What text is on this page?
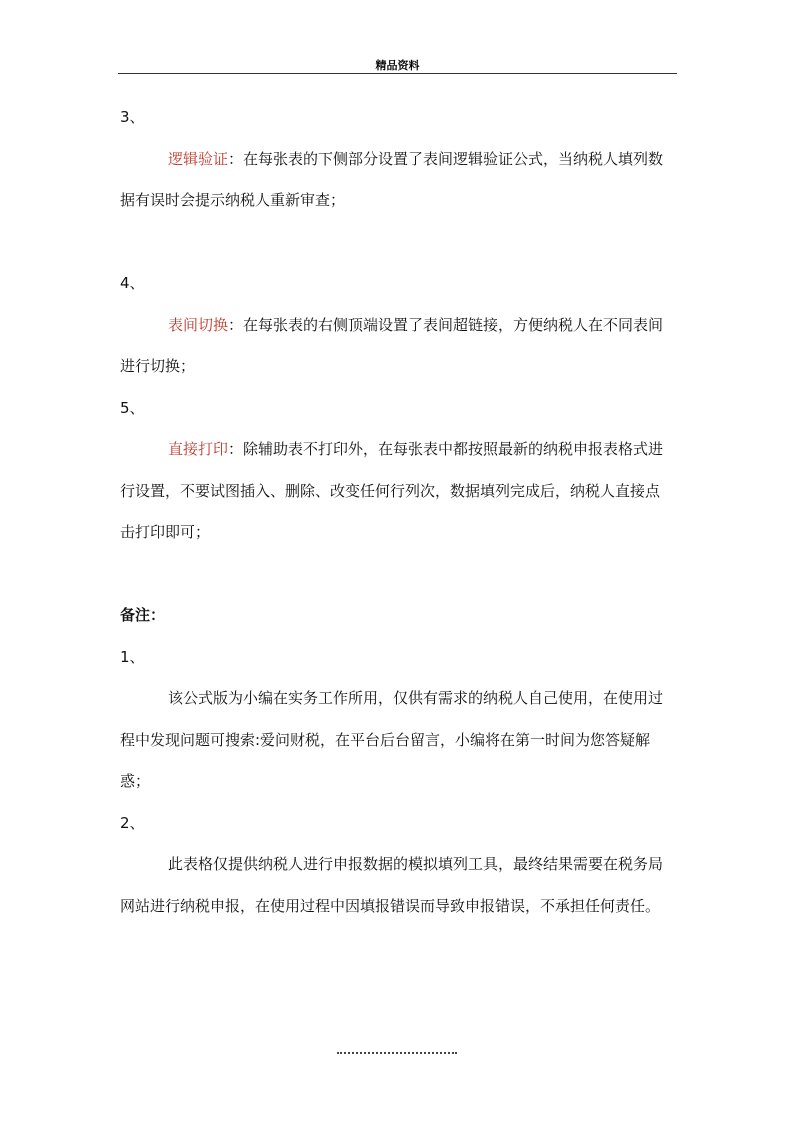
精品资料

3、

逻辑验证：在每张表的下侧部分设置了表间逻辑验证公式，当纳税人填列数据有误时会提示纳税人重新审查；

4、

表间切换：在每张表的右侧顶端设置了表间超链接，方便纳税人在不同表间进行切换；

5、

直接打印：除辅助表不打印外，在每张表中都按照最新的纳税申报表格式进行设置，不要试图插入、删除、改变任何行列次，数据填列完成后，纳税人直接点击打印即可；

备注：

1、

该公式版为小编在实务工作所用，仅供有需求的纳税人自己使用，在使用过程中发现问题可搜索:爱问财税，在平台后台留言，小编将在第一时间为您答疑解惑；

2、

此表格仅提供纳税人进行申报数据的模拟填列工具，最终结果需要在税务局网站进行纳税申报，在使用过程中因填报错误而导致申报错误，不承担任何责任。
